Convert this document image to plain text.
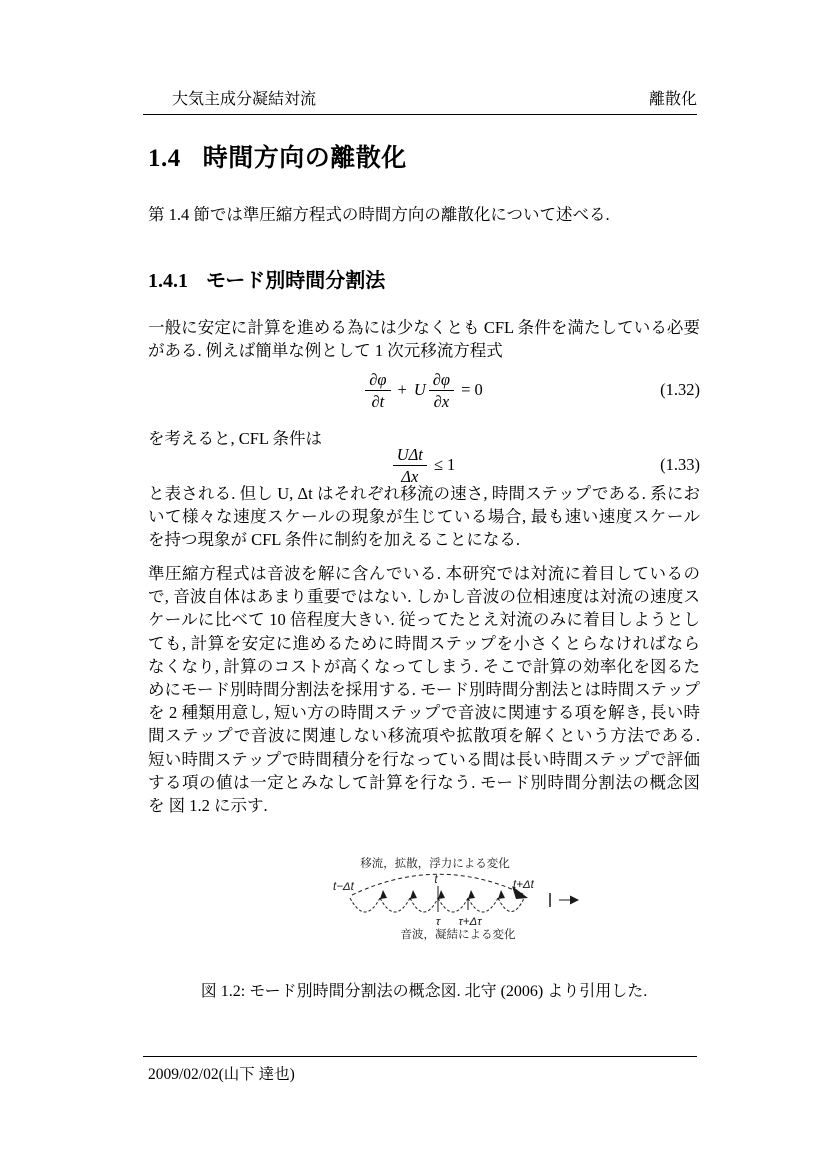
大気主成分凝結対流	離散化
1.4 時間方向の離散化
第 1.4 節では準圧縮方程式の時間方向の離散化について述べる.
1.4.1 モード別時間分割法
一般に安定に計算を進める為には少なくとも CFL 条件を満たしている必要がある. 例えば簡単な例として 1 次元移流方程式
$\frac{\partial\varphi}{\partial t} + U \frac{\partial\varphi}{\partial x} = 0$	(1.32)
を考えると, CFL 条件は
$\frac{\text{UΔt}}{\Delta x} \le 1$	(1.33)
と表される. 但し U, Δt はそれぞれ移流の速さ, 時間ステップである. 系において様々な速度スケールの現象が生じている場合, 最も速い速度スケールを持つ現象が CFL 条件に制約を加えることになる.
準圧縮方程式は音波を解に含んでいる. 本研究では対流に着目しているので, 音波自体はあまり重要ではない. しかし音波の位相速度は対流の速度スケールに比べて 10 倍程度大きい. 従ってたとえ対流のみに着目しようとしても, 計算を安定に進めるために時間ステップを小さくとらなければならなくなり, 計算のコストが高くなってしまう. そこで計算の効率化を図るためにモード別時間分割法を採用する. モード別時間分割法とは時間ステップを 2 種類用意し, 短い方の時間ステップで音波に関連する項を解き, 長い時間ステップで音波に関連しない移流項や拡散項を解くという方法である. 短い時間ステップで時間積分を行なっている間は長い時間ステップで評価する項の値は一定とみなして計算を行なう. モード別時間分割法の概念図を 図 1.2 に示す.
移流，拡散，浮力による変化
t−Δt
t	t+Δt
τ τ+Δτ
音波，凝結による変化
図 1.2: モード別時間分割法の概念図. 北守 (2006) より引用した.
2009/02/02(山下 達也)
